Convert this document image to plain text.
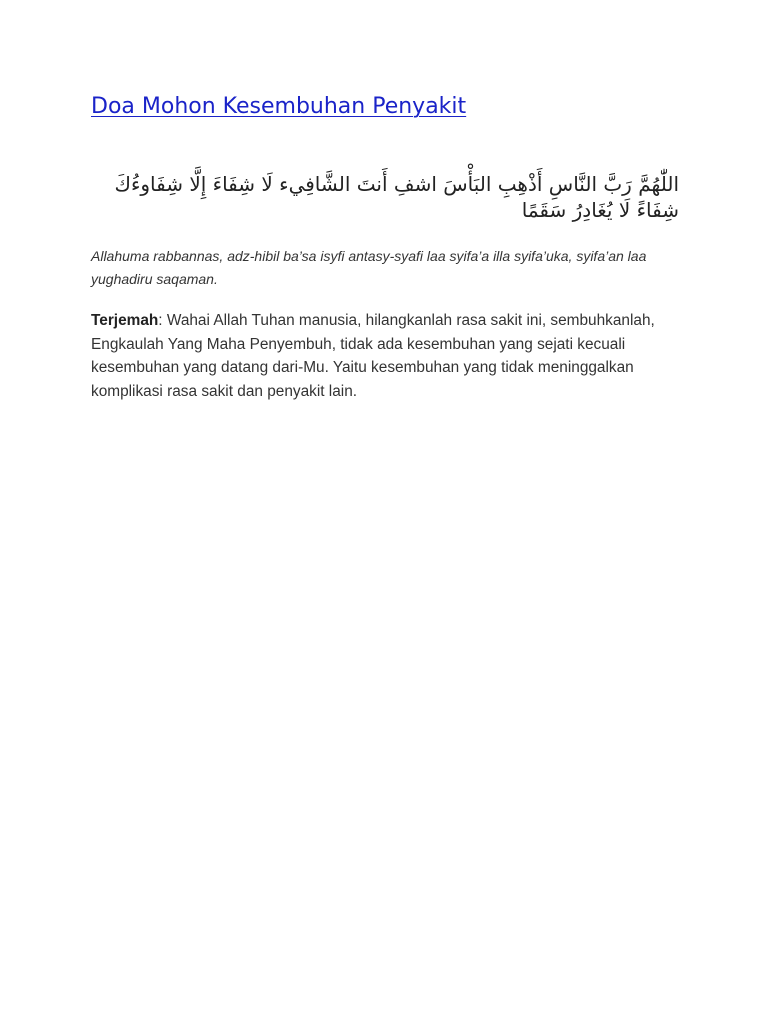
Doa Mohon Kesembuhan Penyakit

اللّٰهُمَّ رَبَّ النَّاسِ أَذْهِبِ البَأْسَ اشفِ أَنتَ الشَّافِيء لَا شِفَاءَ إِلَّا شِفَاوءُكَ شِفَاءً لَا يُغَادِرُ سَقَمًا

Allahuma rabbannas, adz-hibil ba’sa isyfi antasy-syafi laa syifa’a illa syifa’uka, syifa’an laa yughadiru saqaman.

Terjemah: Wahai Allah Tuhan manusia, hilangkanlah rasa sakit ini, sembuhkanlah, Engkaulah Yang Maha Penyembuh, tidak ada kesembuhan yang sejati kecuali kesembuhan yang datang dari-Mu. Yaitu kesembuhan yang tidak meninggalkan komplikasi rasa sakit dan penyakit lain.
